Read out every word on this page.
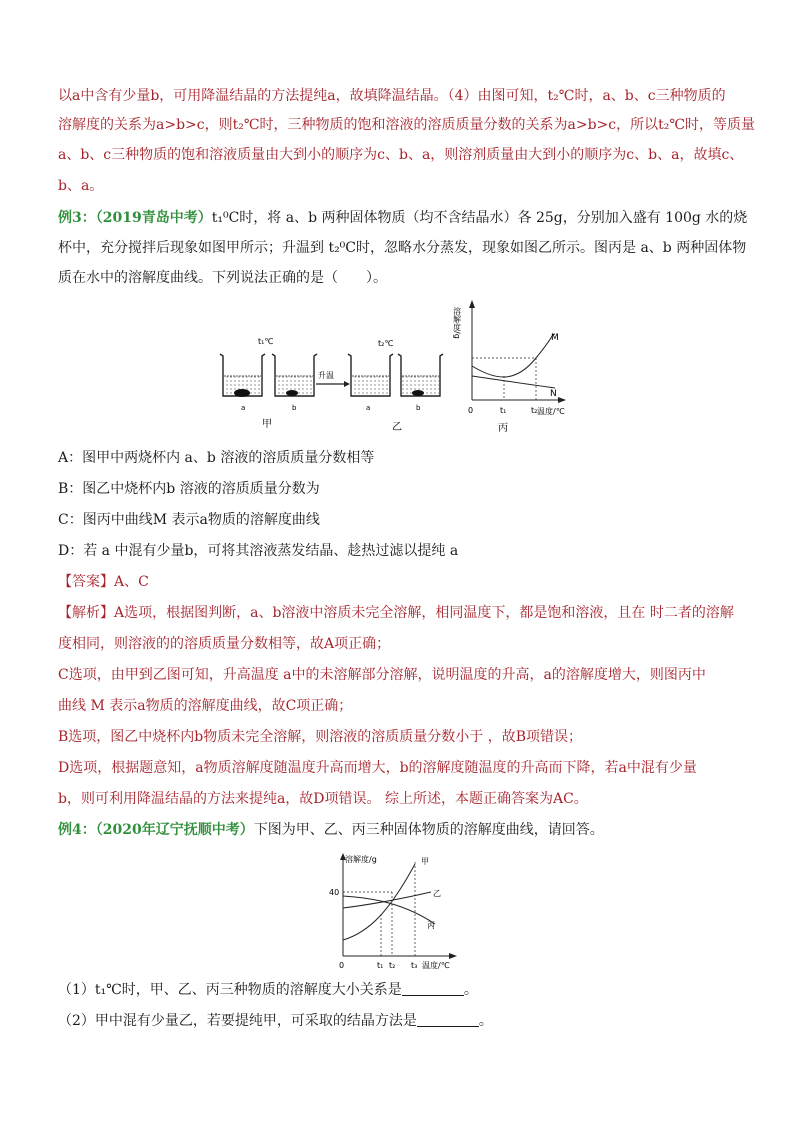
以a中含有少量b，可用降温结晶的方法提纯a，故填降温结晶。（4）由图可知，t₂℃时，a、b、c三种物质的
溶解度的关系为a>b>c，则t₂℃时，三种物质的饱和溶液的溶质质量分数的关系为a>b>c，所以t₂℃时，等质量
a、b、c三种物质的饱和溶液质量由大到小的顺序为c、b、a，则溶剂质量由大到小的顺序为c、b、a，故填c、
b、a。
例3：（2019青岛中考）t₁⁰C时，将 a、b 两种固体物质（均不含结晶水）各 25g，分别加入盛有 100g 水的烧
杯中，充分搅拌后现象如图甲所示；升温到 t₂⁰C时，忽略水分蒸发，现象如图乙所示。图丙是 a、b 两种固体物
质在水中的溶解度曲线。下列说法正确的是（　　）。
t₁℃	t₂℃
a	b
甲
升温
a	b
乙
溶解度/g
0	t₁	t₂ 温度/℃
M
N
丙
A：图甲中两烧杯内 a、b 溶液的溶质质量分数相等
B：图乙中烧杯内b 溶液的溶质质量分数为
C：图丙中曲线M 表示a物质的溶解度曲线
D：若 a 中混有少量b，可将其溶液蒸发结晶、趁热过滤以提纯 a
【答案】A、C
【解析】A选项，根据图判断，a、b溶液中溶质未完全溶解，相同温度下，都是饱和溶液，且在 时二者的溶解
度相同，则溶液的的溶质质量分数相等，故A项正确；
C选项，由甲到乙图可知，升高温度 a中的未溶解部分溶解，说明温度的升高，a的溶解度增大，则图丙中
曲线 M 表示a物质的溶解度曲线，故C项正确；
B选项，图乙中烧杯内b物质未完全溶解，则溶液的溶质质量分数小于 ，故B项错误；
D选项，根据题意知，a物质溶解度随温度升高而增大，b的溶解度随温度的升高而下降，若a中混有少量
b，则可利用降温结晶的方法来提纯a，故D项错误。 综上所述，本题正确答案为AC。
例4：（2020年辽宁抚顺中考）下图为甲、乙、丙三种固体物质的溶解度曲线，请回答。
溶解度/g
40
0	t₁ t₂ t₃ 温度/℃
甲
乙
丙
（1）t₁℃时，甲、乙、丙三种物质的溶解度大小关系是	。
（2）甲中混有少量乙，若要提纯甲，可采取的结晶方法是	。
